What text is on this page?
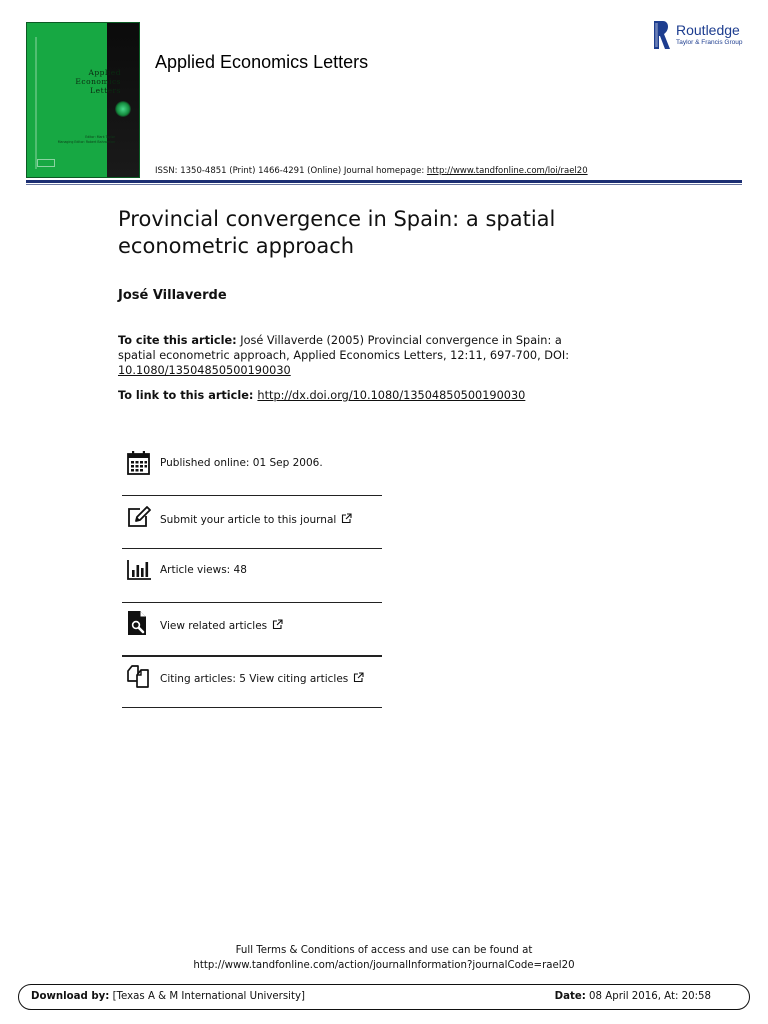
Applied
Economics
Letters
Editor: Mark Taylor
Managing Editor: Robert Bahrarnian
Applied Economics Letters
Routledge
Taylor & Francis Group
ISSN: 1350-4851 (Print) 1466-4291 (Online) Journal homepage: http://www.tandfonline.com/loi/rael20
Provincial convergence in Spain: a spatial econometric approach
José Villaverde
To cite this article: José Villaverde (2005) Provincial convergence in Spain: a spatial econometric approach, Applied Economics Letters, 12:11, 697-700, DOI: 10.1080/13504850500190030
To link to this article: http://dx.doi.org/10.1080/13504850500190030
Published online: 01 Sep 2006.
Submit your article to this journal
Article views: 48
View related articles
Citing articles: 5 View citing articles
Full Terms & Conditions of access and use can be found at
http://www.tandfonline.com/action/journalInformation?journalCode=rael20
Download by: [Texas A & M International University]	Date: 08 April 2016, At: 20:58
